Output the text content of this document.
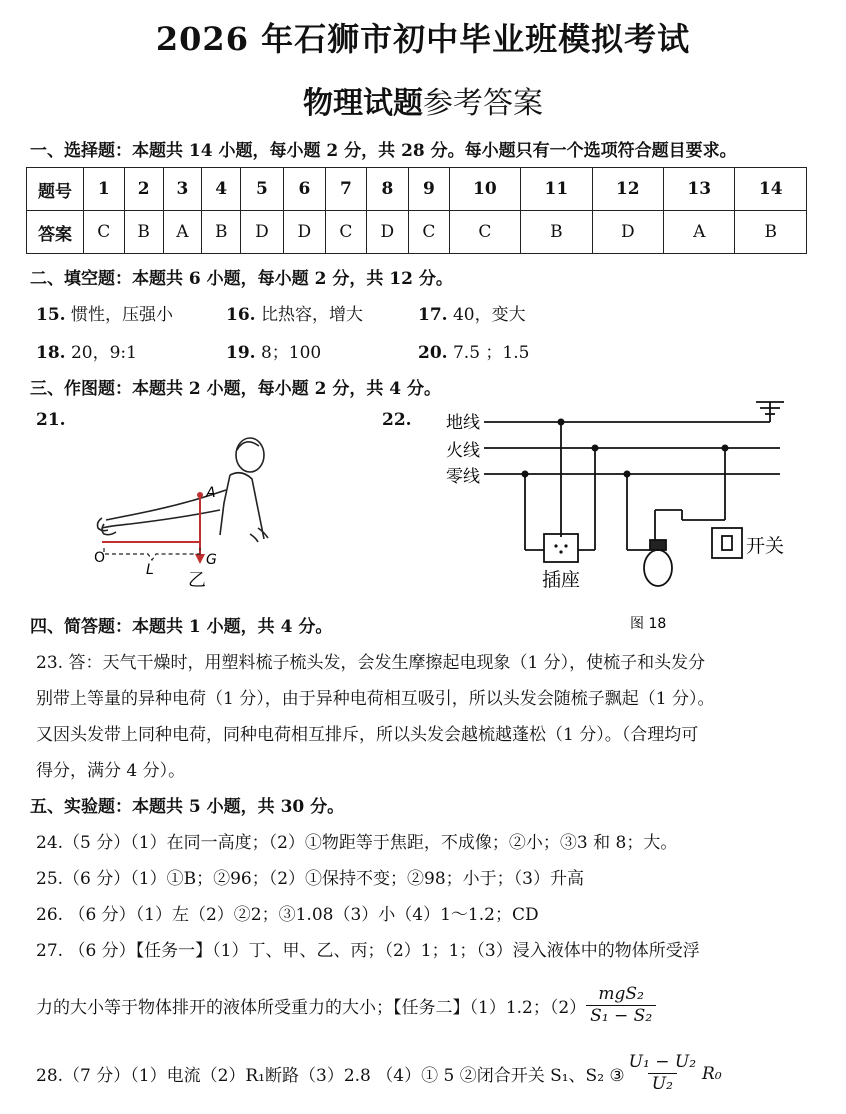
2026 年石狮市初中毕业班模拟考试
物理试题参考答案
一、选择题：本题共 14 小题，每小题 2 分，共 28 分。每小题只有一个选项符合题目要求。
题号	1	2	3	4	5	6	7	8	9	10	11	12	13	14
答案	C	B	A	B	D	D	C	D	C	C	B	D	A	B
二、填空题：本题共 6 小题，每小题 2 分，共 12 分。
15. 惯性，压强小	16. 比热容，增大	17. 40，变大
18. 20，9:1	19. 8；100	20. 7.5 ；1.5
三、作图题：本题共 2 小题，每小题 2 分，共 4 分。
21.	22.
A
O
L
G
乙
地线
火线
零线
开关
插座
图 18
四、简答题：本题共 1 小题，共 4 分。
23. 答：天气干燥时，用塑料梳子梳头发，会发生摩擦起电现象（1 分），使梳子和头发分
别带上等量的异种电荷（1 分），由于异种电荷相互吸引，所以头发会随梳子飘起（1 分）。
又因头发带上同种电荷，同种电荷相互排斥，所以头发会越梳越蓬松（1 分）。（合理均可
得分，满分 4 分）。
五、实验题：本题共 5 小题，共 30 分。
24.（5 分）（1）在同一高度；（2）①物距等于焦距，不成像；②小；③3 和 8；大。
25.（6 分）（1）①B；②96；（2）①保持不变；②98；小于；（3）升高
26. （6 分）（1）左（2）②2；③1.08（3）小（4）1～1.2；CD
27. （6 分）【任务一】（1）丁、甲、乙、丙；（2）1；1；（3）浸入液体中的物体所受浮
力的大小等于物体排开的液体所受重力的大小；【任务二】（1）1.2；$(2) \frac{\text{mgS₂}}{\text{S₁ − S₂}}$
28.（7 分）（1）电流（2）R₁断路（3）2.8 （4）① 5 ②闭合开关 S₁、S₂ ③ $\frac{\text{U₁ − U₂}}{\text{U₂}} R_0$
